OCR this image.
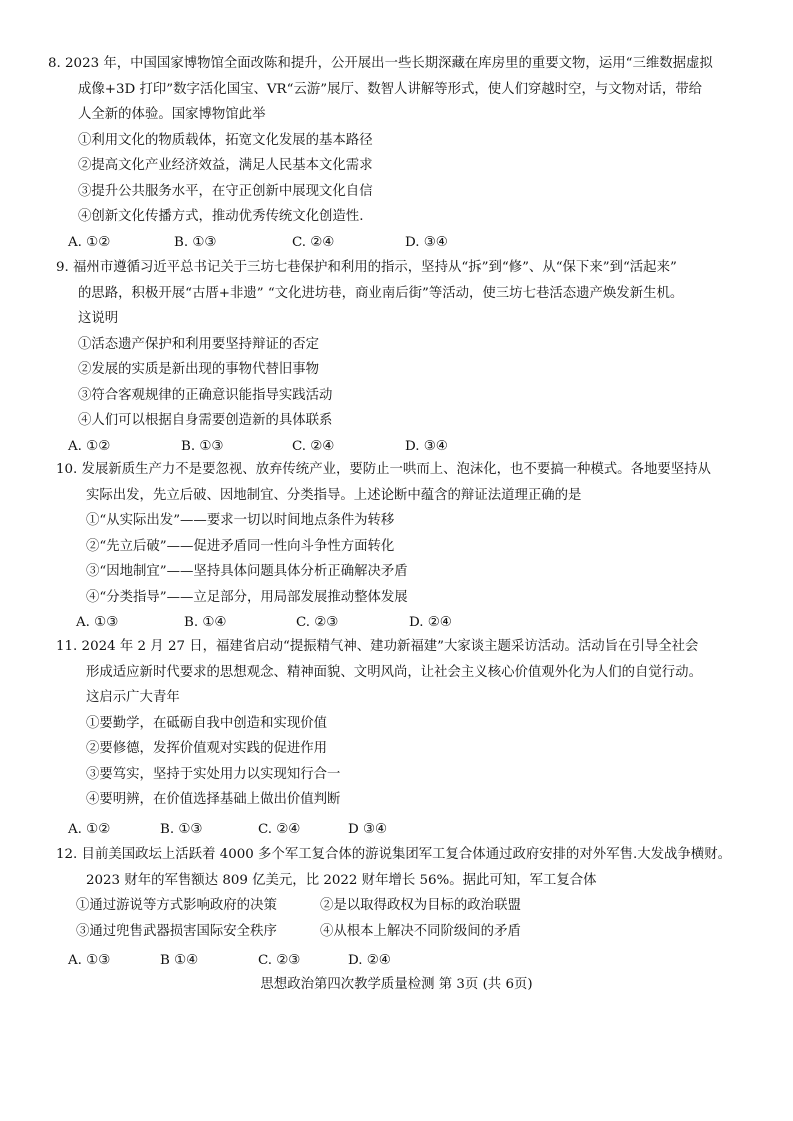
8. 2023 年，中国国家博物馆全面改陈和提升，公开展出一些长期深藏在库房里的重要文物，运用“三维数据虚拟
成像+3D 打印”数字活化国宝、VR“云游”展厅、数智人讲解等形式，使人们穿越时空，与文物对话，带给
人全新的体验。国家博物馆此举
①利用文化的物质载体，拓宽文化发展的基本路径
②提高文化产业经济效益，满足人民基本文化需求
③提升公共服务水平，在守正创新中展现文化自信
④创新文化传播方式，推动优秀传统文化创造性.
A. ①②	B. ①③	C. ②④	D. ③④
9. 福州市遵循习近平总书记关于三坊七巷保护和利用的指示，坚持从“拆”到“修”、从“保下来”到“活起来”
的思路，积极开展“古厝+非遗” “文化进坊巷，商业南后街”等活动，使三坊七巷活态遗产焕发新生机。
这说明
①活态遗产保护和利用要坚持辩证的否定
②发展的实质是新出现的事物代替旧事物
③符合客观规律的正确意识能指导实践活动
④人们可以根据自身需要创造新的具体联系
A. ①②	B. ①③	C. ②④	D. ③④
10. 发展新质生产力不是要忽视、放弃传统产业，要防止一哄而上、泡沫化，也不要搞一种模式。各地要坚持从
实际出发，先立后破、因地制宜、分类指导。上述论断中蕴含的辩证法道理正确的是
①“从实际出发”——要求一切以时间地点条件为转移
②“先立后破”——促进矛盾同一性向斗争性方面转化
③“因地制宜”——坚持具体问题具体分析正确解决矛盾
④“分类指导”——立足部分，用局部发展推动整体发展
A. ①③	B. ①④	C. ②③	D. ②④
11. 2024 年 2 月 27 日，福建省启动“提振精气神、建功新福建”大家谈主题采访活动。活动旨在引导全社会
形成适应新时代要求的思想观念、精神面貌、文明风尚，让社会主义核心价值观外化为人们的自觉行动。
这启示广大青年
①要勤学，在砥砺自我中创造和实现价值
②要修德，发挥价值观对实践的促进作用
③要笃实，坚持于实处用力以实现知行合一
④要明辨，在价值选择基础上做出价值判断
A. ①②	B. ①③	C. ②④	D ③④
12. 目前美国政坛上活跃着 4000 多个军工复合体的游说集团军工复合体通过政府安排的对外军售.大发战争横财。
2023 财年的军售额达 809 亿美元，比 2022 财年增长 56%。据此可知，军工复合体
①通过游说等方式影响政府的决策	②是以取得政权为目标的政治联盟
③通过兜售武器损害国际安全秩序	④从根本上解决不同阶级间的矛盾
A. ①③	B ①④	C. ②③	D. ②④
思想政治第四次教学质量检测 第 3页 (共 6页)
